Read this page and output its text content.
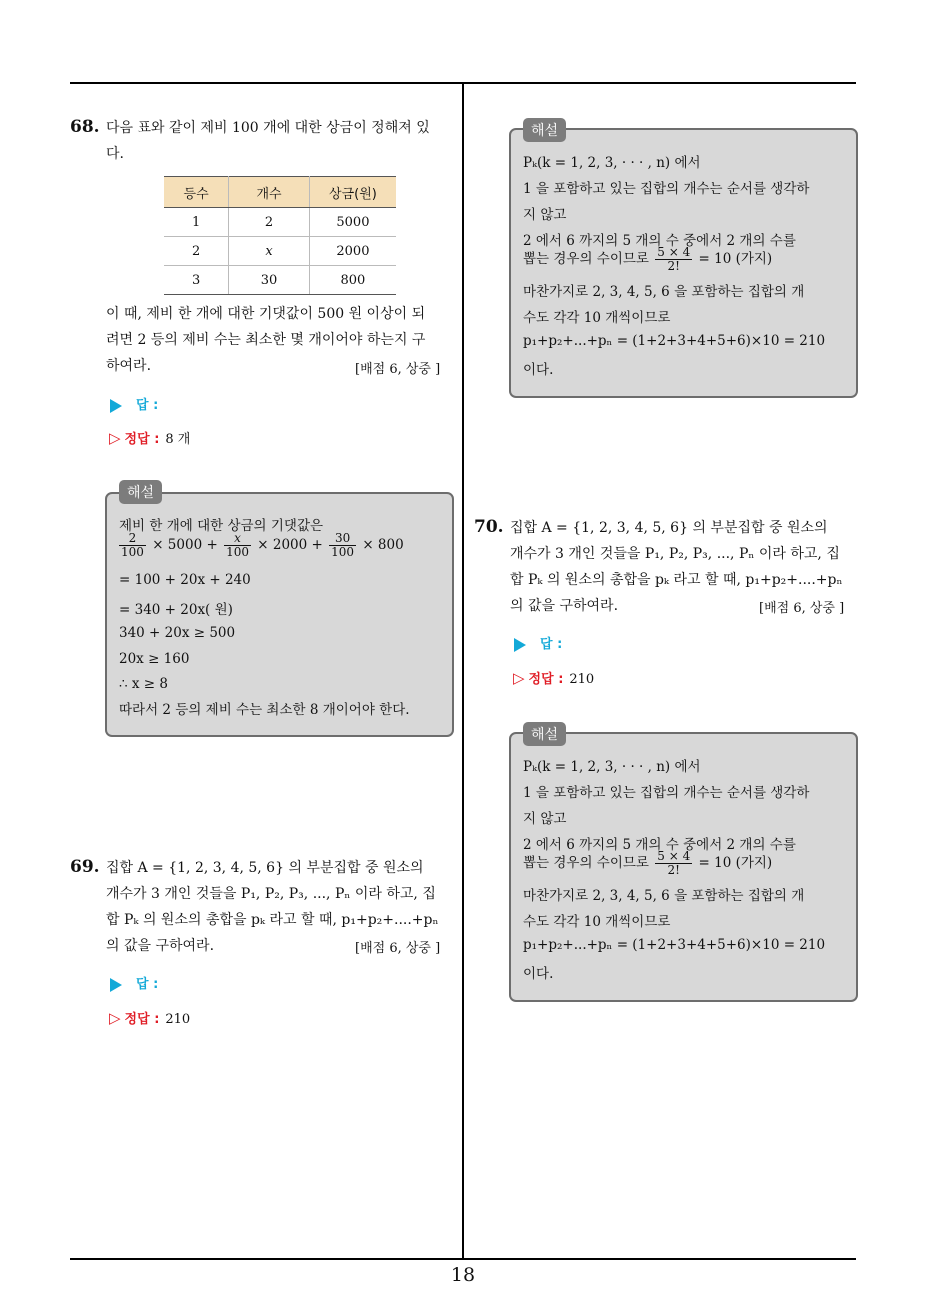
68. 다음 표와 같이 제비 100 개에 대한 상금이 정해져 있
다.
등수	개수	상금(원)
1	2	5000
2	x	2000
3	30	800
이 때, 제비 한 개에 대한 기댓값이 500 원 이상이 되
려면 2 등의 제비 수는 최소한 몇 개이어야 하는지 구
하여라.	[배점 6, 상중 ]
답 :
▷ 정답 : 8 개
해설
제비 한 개에 대한 상금의 기댓값은
$\frac{2}{100} \times 5000 + \frac{x}{100} \times 2000 + \frac{30}{100} \times 800$
= 100 + 20x + 240
= 340 + 20x( 원)
340 + 20x ≥ 500
20x ≥ 160
∴ x ≥ 8
따라서 2 등의 제비 수는 최소한 8 개이어야 한다.
69. 집합 A = {1, 2, 3, 4, 5, 6} 의 부분집합 중 원소의
개수가 3 개인 것들을 P₁, P₂, P₃, ..., Pₙ 이라 하고, 집
합 Pₖ 의 원소의 총합을 pₖ 라고 할 때, p₁+p₂+....+pₙ
의 값을 구하여라.	[배점 6, 상중 ]
답 :
▷ 정답 : 210
해설
Pₖ(k = 1, 2, 3, · · · , n) 에서
1 을 포함하고 있는 집합의 개수는 순서를 생각하
지 않고
2 에서 6 까지의 5 개의 수 중에서 2 개의 수를
뽑는 경우의 수이므로 $\frac{5 \times 4}{2!} = 10$ (가지)
마찬가지로 2, 3, 4, 5, 6 을 포함하는 집합의 개
수도 각각 10 개씩이므로
p₁+p₂+...+pₙ = (1+2+3+4+5+6)×10 = 210
이다.
70. 집합 A = {1, 2, 3, 4, 5, 6} 의 부분집합 중 원소의
개수가 3 개인 것들을 P₁, P₂, P₃, ..., Pₙ 이라 하고, 집
합 Pₖ 의 원소의 총합을 pₖ 라고 할 때, p₁+p₂+....+pₙ
의 값을 구하여라.	[배점 6, 상중 ]
답 :
▷ 정답 : 210
해설
Pₖ(k = 1, 2, 3, · · · , n) 에서
1 을 포함하고 있는 집합의 개수는 순서를 생각하
지 않고
2 에서 6 까지의 5 개의 수 중에서 2 개의 수를
뽑는 경우의 수이므로 $\frac{5 \times 4}{2!} = 10$ (가지)
마찬가지로 2, 3, 4, 5, 6 을 포함하는 집합의 개
수도 각각 10 개씩이므로
p₁+p₂+...+pₙ = (1+2+3+4+5+6)×10 = 210
이다.
18
